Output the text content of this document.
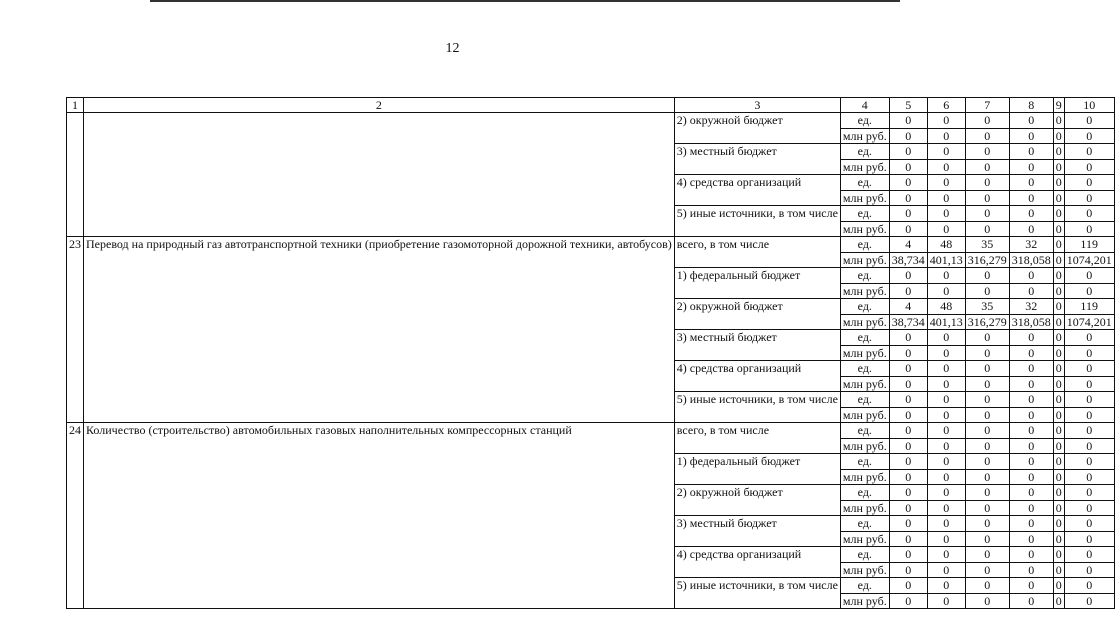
12
1	2	3	4	5	6	7	8	9	10
		2) окружной бюджет	ед.	0	0	0	0	0	0
			млн руб.	0	0	0	0	0	0
		3) местный бюджет	ед.	0	0	0	0	0	0
			млн руб.	0	0	0	0	0	0
		4) средства организаций	ед.	0	0	0	0	0	0
			млн руб.	0	0	0	0	0	0
		5) иные источники, в том числе	ед.	0	0	0	0	0	0
			млн руб.	0	0	0	0	0	0
23	Перевод на природный газ автотранспортной техники (приобретение газомоторной дорожной техники, автобусов)	всего, в том числе	ед.	4	48	35	32	0	119
			млн руб.	38,734	401,13	316,279	318,058	0	1074,201
		1) федеральный бюджет	ед.	0	0	0	0	0	0
			млн руб.	0	0	0	0	0	0
		2) окружной бюджет	ед.	4	48	35	32	0	119
			млн руб.	38,734	401,13	316,279	318,058	0	1074,201
		3) местный бюджет	ед.	0	0	0	0	0	0
			млн руб.	0	0	0	0	0	0
		4) средства организаций	ед.	0	0	0	0	0	0
			млн руб.	0	0	0	0	0	0
		5) иные источники, в том числе	ед.	0	0	0	0	0	0
			млн руб.	0	0	0	0	0	0
24	Количество (строительство) автомобильных газовых наполнительных компрессорных станций	всего, в том числе	ед.	0	0	0	0	0	0
			млн руб.	0	0	0	0	0	0
		1) федеральный бюджет	ед.	0	0	0	0	0	0
			млн руб.	0	0	0	0	0	0
		2) окружной бюджет	ед.	0	0	0	0	0	0
			млн руб.	0	0	0	0	0	0
		3) местный бюджет	ед.	0	0	0	0	0	0
			млн руб.	0	0	0	0	0	0
		4) средства организаций	ед.	0	0	0	0	0	0
			млн руб.	0	0	0	0	0	0
		5) иные источники, в том числе	ед.	0	0	0	0	0	0
			млн руб.	0	0	0	0	0	0
